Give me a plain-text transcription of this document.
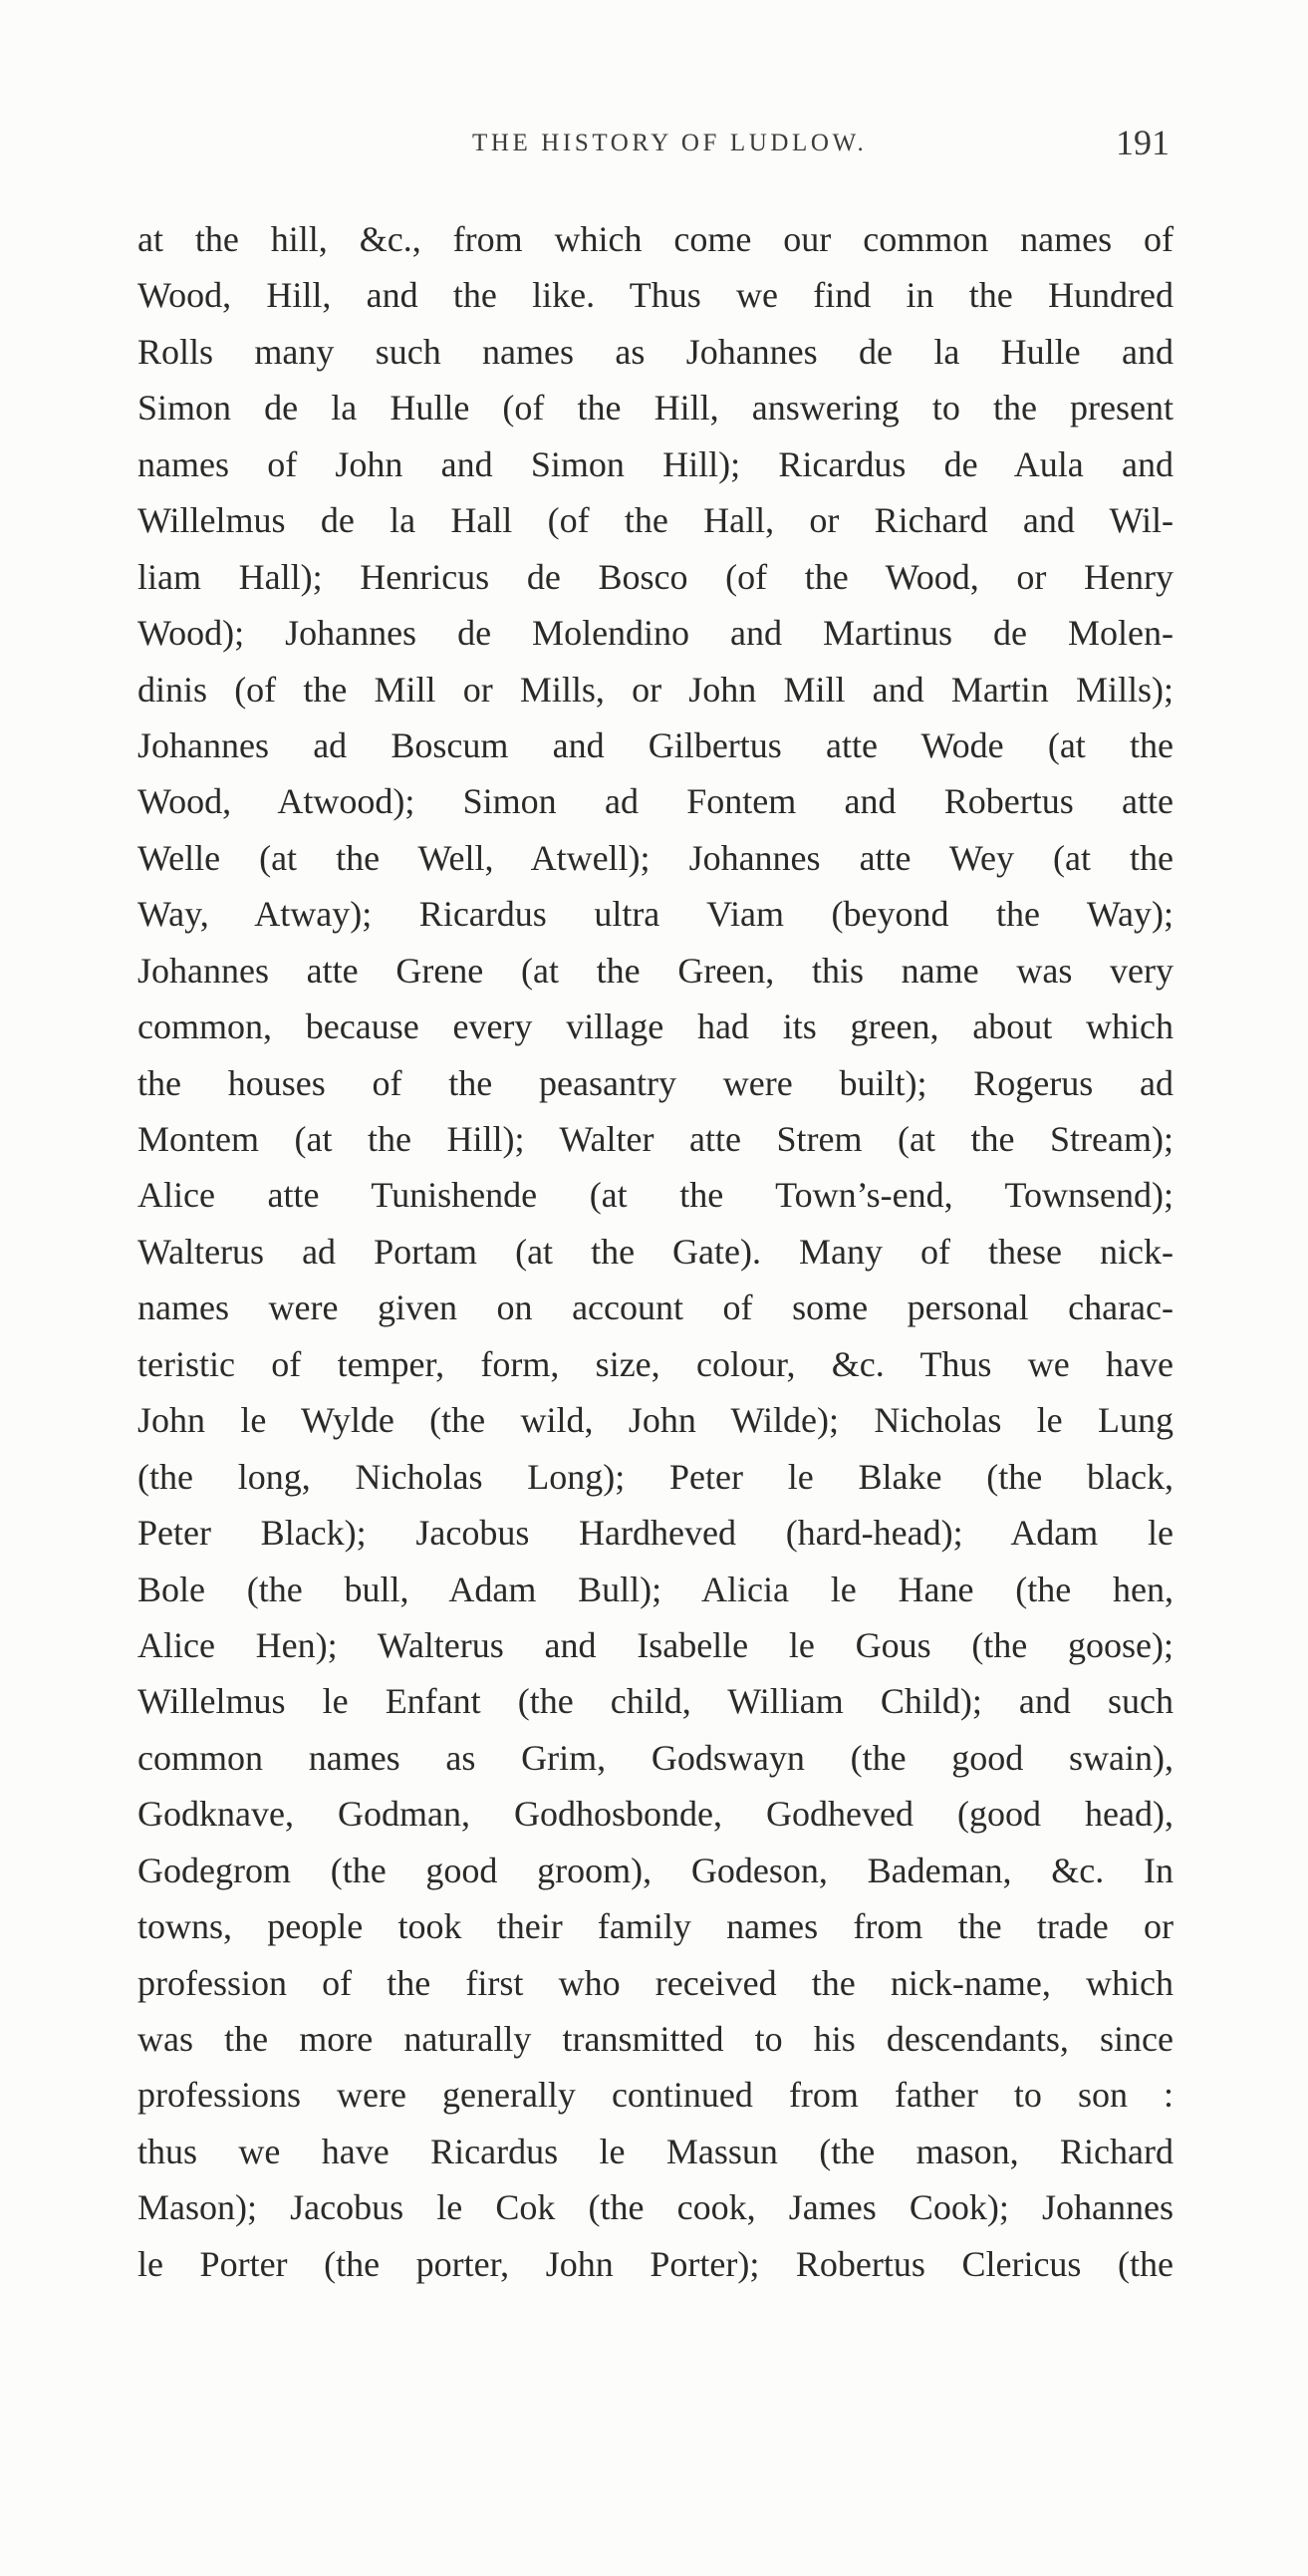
THE HISTORY OF LUDLOW.	191
at the hill, &c., from which come our common names of
Wood, Hill, and the like. Thus we find in the Hundred
Rolls many such names as Johannes de la Hulle and
Simon de la Hulle (of the Hill, answering to the present
names of John and Simon Hill); Ricardus de Aula and
Willelmus de la Hall (of the Hall, or Richard and Wil-
liam Hall); Henricus de Bosco (of the Wood, or Henry
Wood); Johannes de Molendino and Martinus de Molen-
dinis (of the Mill or Mills, or John Mill and Martin Mills);
Johannes ad Boscum and Gilbertus atte Wode (at the
Wood, Atwood); Simon ad Fontem and Robertus atte
Welle (at the Well, Atwell); Johannes atte Wey (at the
Way, Atway); Ricardus ultra Viam (beyond the Way);
Johannes atte Grene (at the Green, this name was very
common, because every village had its green, about which
the houses of the peasantry were built); Rogerus ad
Montem (at the Hill); Walter atte Strem (at the Stream);
Alice atte Tunishende (at the Town’s-end, Townsend);
Walterus ad Portam (at the Gate). Many of these nick-
names were given on account of some personal charac-
teristic of temper, form, size, colour, &c. Thus we have
John le Wylde (the wild, John Wilde); Nicholas le Lung
(the long, Nicholas Long); Peter le Blake (the black,
Peter Black); Jacobus Hardheved (hard-head); Adam le
Bole (the bull, Adam Bull); Alicia le Hane (the hen,
Alice Hen); Walterus and Isabelle le Gous (the goose);
Willelmus le Enfant (the child, William Child); and such
common names as Grim, Godswayn (the good swain),
Godknave, Godman, Godhosbonde, Godheved (good head),
Godegrom (the good groom), Godeson, Bademan, &c. In
towns, people took their family names from the trade or
profession of the first who received the nick-name, which
was the more naturally transmitted to his descendants, since
professions were generally continued from father to son :
thus we have Ricardus le Massun (the mason, Richard
Mason); Jacobus le Cok (the cook, James Cook); Johannes
le Porter (the porter, John Porter); Robertus Clericus (the
